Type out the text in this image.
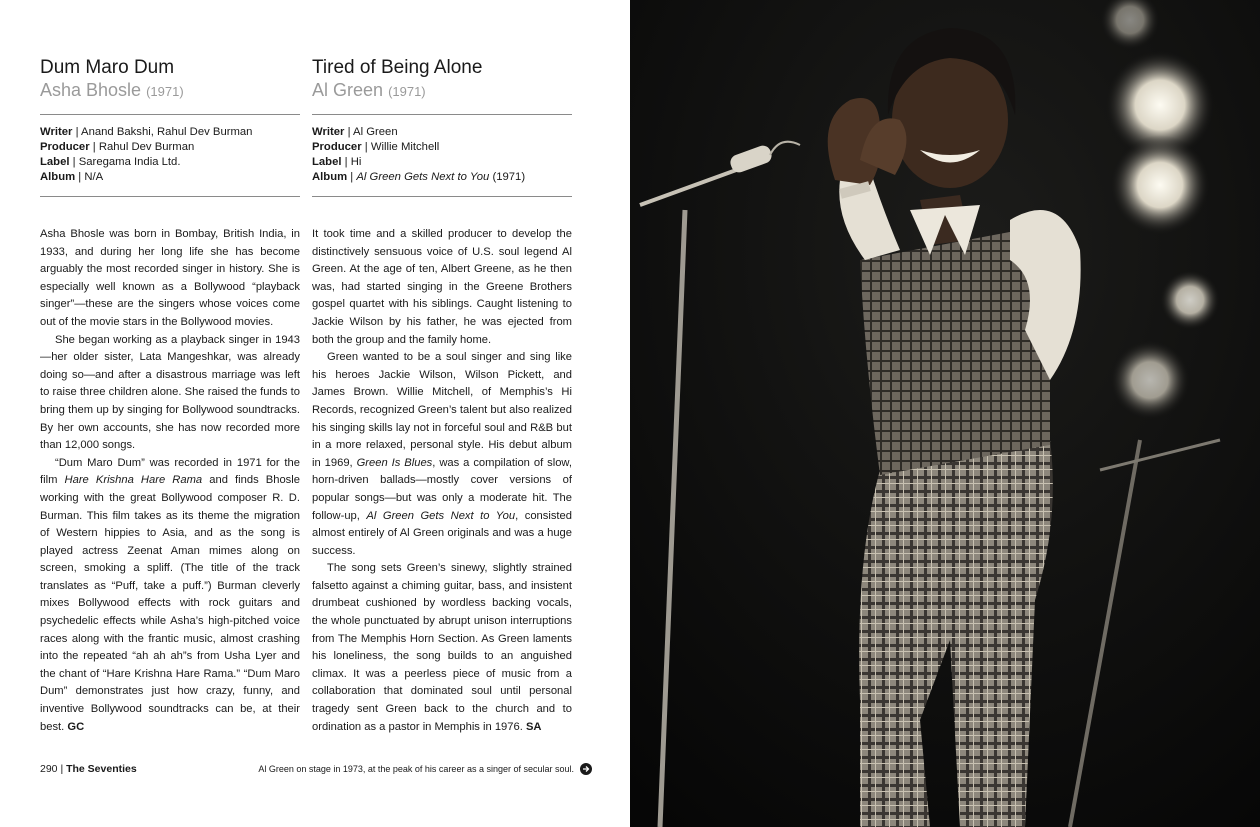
Dum Maro Dum

Asha Bhosle (1971)

Writer | Anand Bakshi, Rahul Dev Burman
Producer | Rahul Dev Burman
Label | Saregama India Ltd.
Album | N/A
Tired of Being Alone

Al Green (1971)

Writer | Al Green
Producer | Willie Mitchell
Label | Hi
Album | Al Green Gets Next to You (1971)

Asha Bhosle was born in Bombay, British India, in 1933, and during her long life she has become arguably the most recorded singer in history. She is especially well known as a Bollywood “playback singer”—these are the singers whose voices come out of the movie stars in the Bollywood movies.

She began working as a playback singer in 1943—her older sister, Lata Mangeshkar, was already doing so—and after a disastrous marriage was left to raise three children alone. She raised the funds to bring them up by singing for Bollywood soundtracks. By her own accounts, she has now recorded more than 12,000 songs.

“Dum Maro Dum” was recorded in 1971 for the film Hare Krishna Hare Rama and finds Bhosle working with the great Bollywood composer R. D. Burman. This film takes as its theme the migration of Western hippies to Asia, and as the song is played actress Zeenat Aman mimes along on screen, smoking a spliff. (The title of the track translates as “Puff, take a puff.”) Burman cleverly mixes Bollywood effects with rock guitars and psychedelic effects while Asha’s high-pitched voice races along with the frantic music, almost crashing into the repeated “ah ah ah”s from Usha Lyer and the chant of “Hare Krishna Hare Rama.” “Dum Maro Dum” demonstrates just how crazy, funny, and inventive Bollywood soundtracks can be, at their best. GC

It took time and a skilled producer to develop the distinctively sensuous voice of U.S. soul legend Al Green. At the age of ten, Albert Greene, as he then was, had started singing in the Greene Brothers gospel quartet with his siblings. Caught listening to Jackie Wilson by his father, he was ejected from both the group and the family home.

Green wanted to be a soul singer and sing like his heroes Jackie Wilson, Wilson Pickett, and James Brown. Willie Mitchell, of Memphis’s Hi Records, recognized Green’s talent but also realized his singing skills lay not in forceful soul and R&B but in a more relaxed, personal style. His debut album in 1969, Green Is Blues, was a compilation of slow, horn-driven ballads—mostly cover versions of popular songs—but was only a moderate hit. The follow-up, Al Green Gets Next to You, consisted almost entirely of Al Green originals and was a huge success.

The song sets Green’s sinewy, slightly strained falsetto against a chiming guitar, bass, and insistent drumbeat cushioned by wordless backing vocals, the whole punctuated by abrupt unison interruptions from The Memphis Horn Section. As Green laments his loneliness, the song builds to an anguished climax. It was a peerless piece of music from a collaboration that dominated soul until personal tragedy sent Green back to the church and to ordination as a pastor in Memphis in 1976. SA

290 | The Seventies	Al Green on stage in 1973, at the peak of his career as a singer of secular soul.
